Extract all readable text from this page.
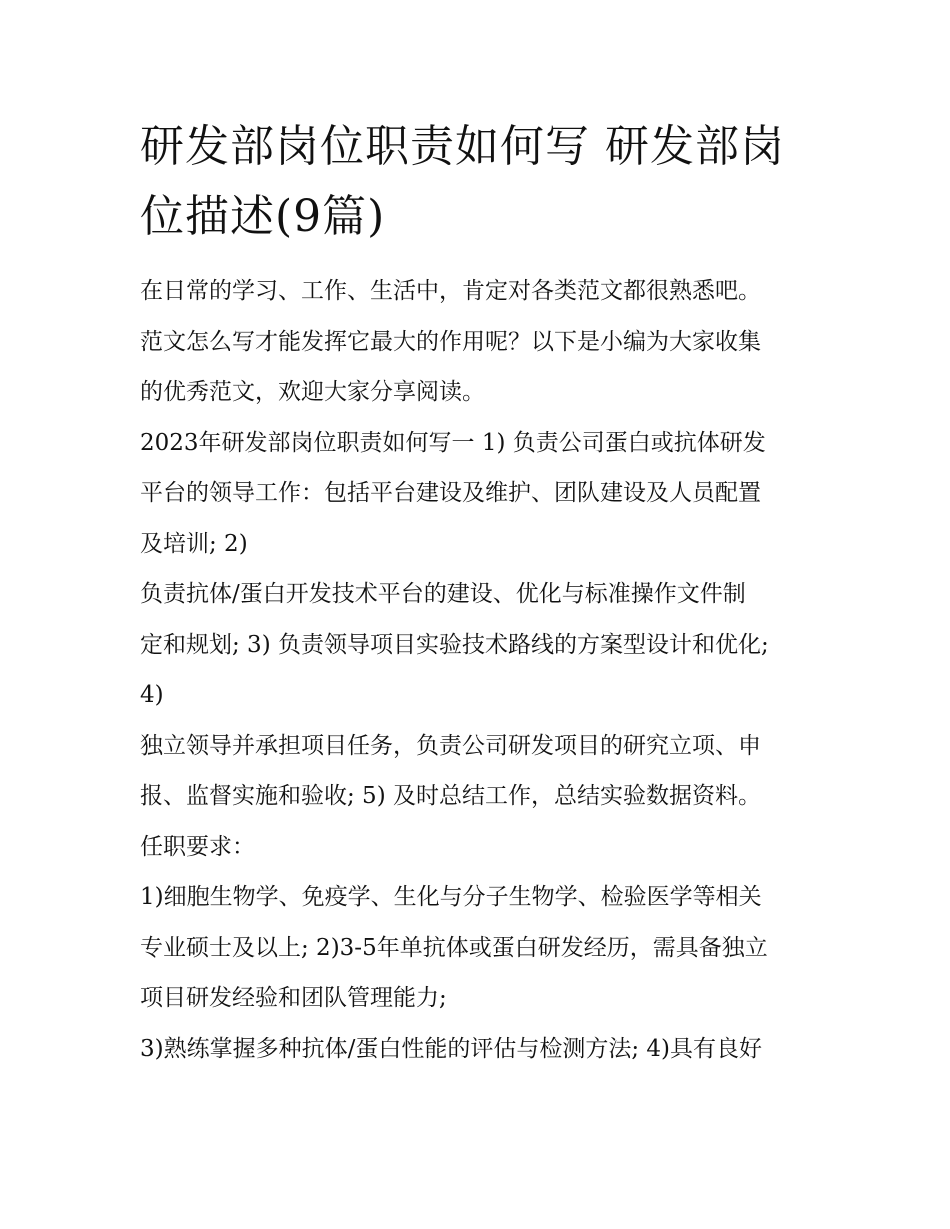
研发部岗位职责如何写 研发部岗位描述(9篇)
在日常的学习、工作、生活中，肯定对各类范文都很熟悉吧。
范文怎么写才能发挥它最大的作用呢？以下是小编为大家收集
的优秀范文，欢迎大家分享阅读。
2023年研发部岗位职责如何写一 1) 负责公司蛋白或抗体研发
平台的领导工作：包括平台建设及维护、团队建设及人员配置
及培训; 2)
负责抗体/蛋白开发技术平台的建设、优化与标准操作文件制
定和规划; 3) 负责领导项目实验技术路线的方案型设计和优化;
4)
独立领导并承担项目任务，负责公司研发项目的研究立项、申
报、监督实施和验收; 5) 及时总结工作，总结实验数据资料。
任职要求：
1)细胞生物学、免疫学、生化与分子生物学、检验医学等相关
专业硕士及以上; 2)3-5年单抗体或蛋白研发经历，需具备独立
项目研发经验和团队管理能力;
3)熟练掌握多种抗体/蛋白性能的评估与检测方法; 4)具有良好
